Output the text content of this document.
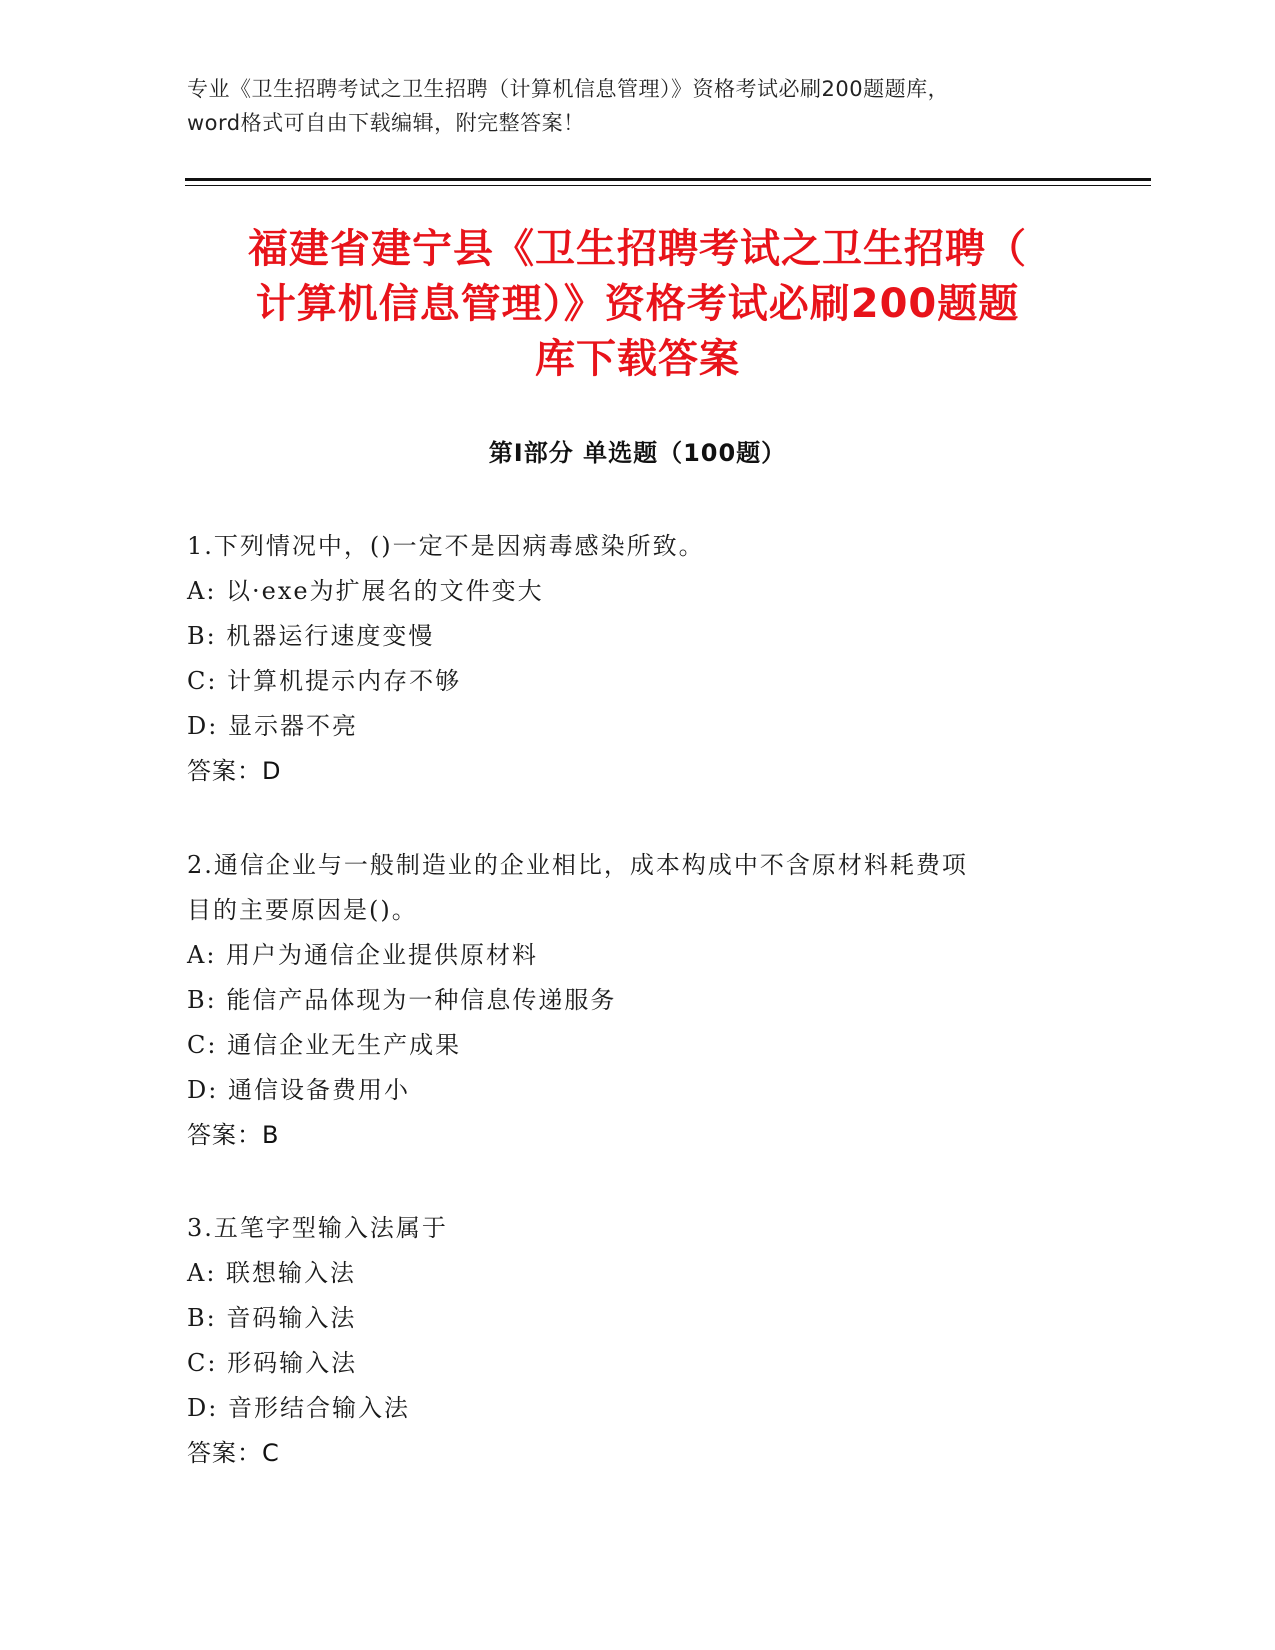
专业《卫生招聘考试之卫生招聘（计算机信息管理）》资格考试必刷200题题库，
word格式可自由下载编辑，附完整答案！
福建省建宁县《卫生招聘考试之卫生招聘（
计算机信息管理）》资格考试必刷200题题
库下载答案
第Ⅰ部分 单选题（100题）
1.下列情况中，()一定不是因病毒感染所致。
A: 以·exe为扩展名的文件变大
B: 机器运行速度变慢
C: 计算机提示内存不够
D: 显示器不亮
答案：D
2.通信企业与一般制造业的企业相比，成本构成中不含原材料耗费项
目的主要原因是()。
A: 用户为通信企业提供原材料
B: 能信产品体现为一种信息传递服务
C: 通信企业无生产成果
D: 通信设备费用小
答案：B
3.五笔字型输入法属于
A: 联想输入法
B: 音码输入法
C: 形码输入法
D: 音形结合输入法
答案：C
